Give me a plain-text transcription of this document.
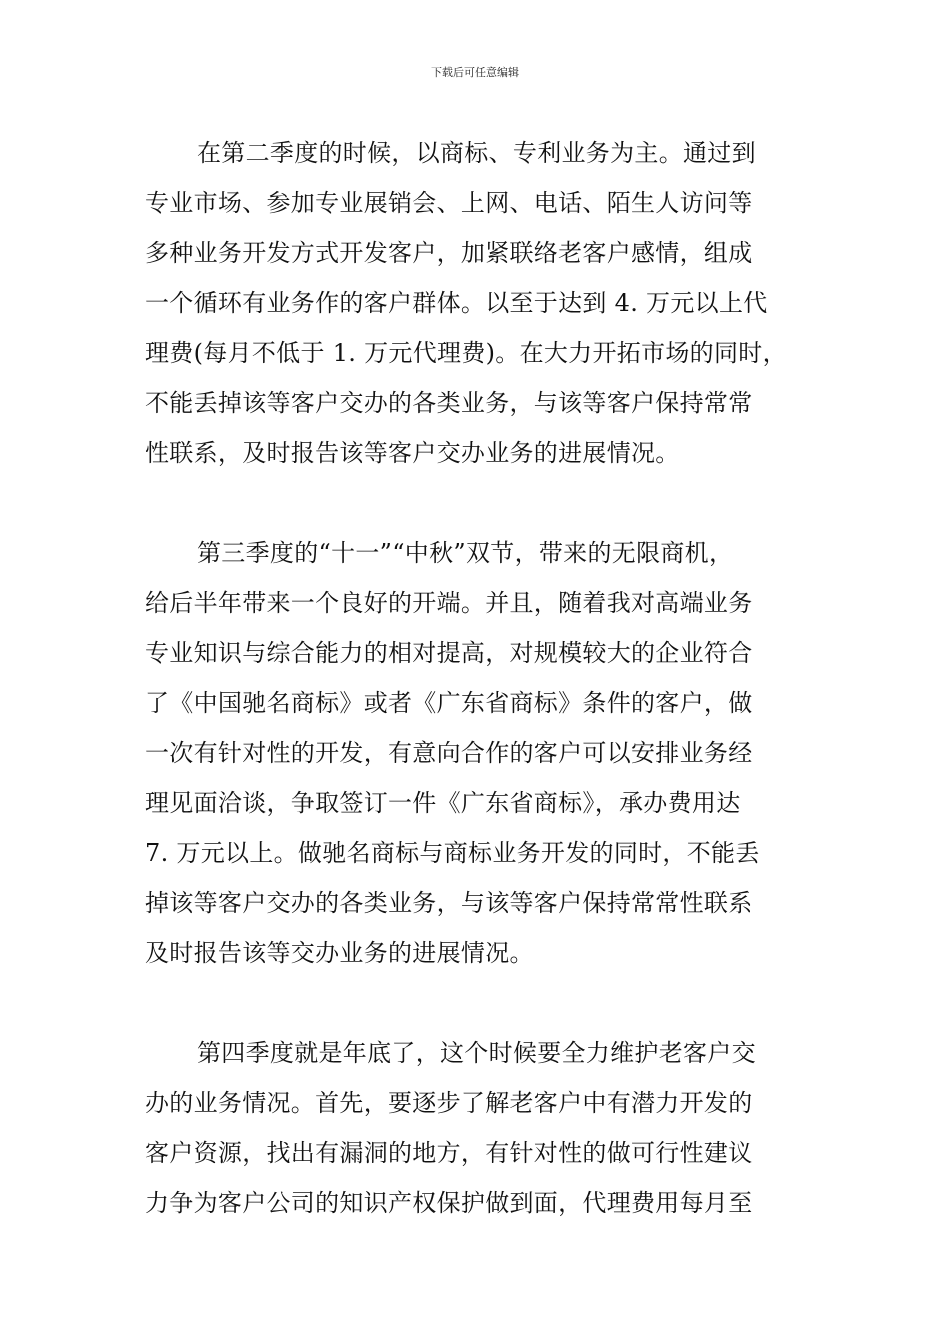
下载后可任意编辑
在第二季度的时候，以商标、专利业务为主。通过到
专业市场、参加专业展销会、上网、电话、陌生人访问等
多种业务开发方式开发客户，加紧联络老客户感情，组成
一个循环有业务作的客户群体。以至于达到 4. 万元以上代
理费(每月不低于 1. 万元代理费)。在大力开拓市场的同时，
不能丢掉该等客户交办的各类业务，与该等客户保持常常
性联系，及时报告该等客户交办业务的进展情况。
第三季度的“十一”“中秋”双节，带来的无限商机，
给后半年带来一个良好的开端。并且，随着我对高端业务
专业知识与综合能力的相对提高，对规模较大的企业符合
了《中国驰名商标》或者《广东省商标》条件的客户，做
一次有针对性的开发，有意向合作的客户可以安排业务经
理见面洽谈，争取签订一件《广东省商标》，承办费用达
7. 万元以上。做驰名商标与商标业务开发的同时，不能丢
掉该等客户交办的各类业务，与该等客户保持常常性联系
及时报告该等交办业务的进展情况。
第四季度就是年底了，这个时候要全力维护老客户交
办的业务情况。首先，要逐步了解老客户中有潜力开发的
客户资源，找出有漏洞的地方，有针对性的做可行性建议
力争为客户公司的知识产权保护做到面，代理费用每月至
